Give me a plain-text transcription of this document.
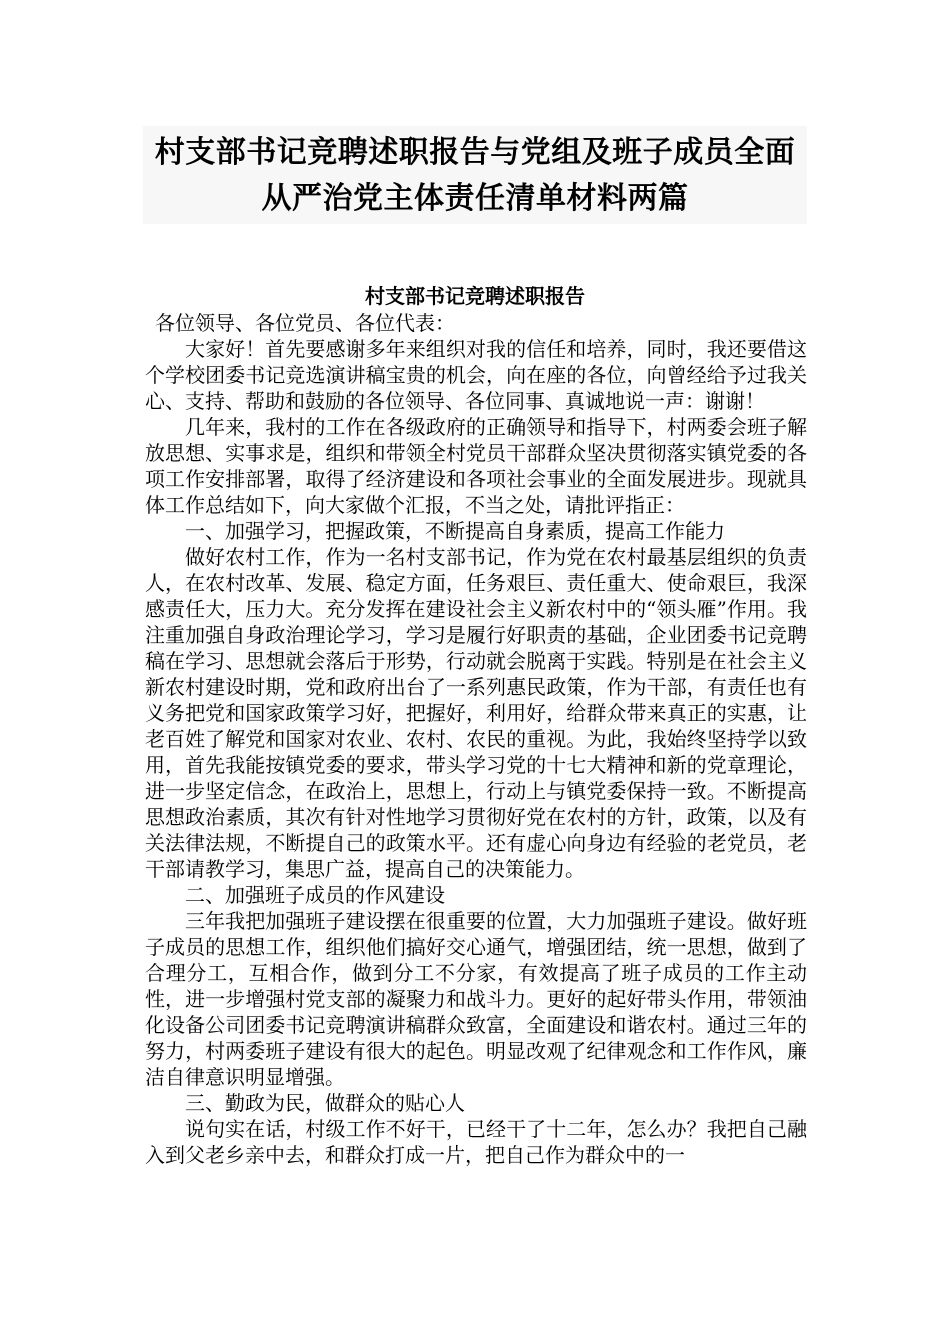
村支部书记竞聘述职报告与党组及班子成员全面从严治党主体责任清单材料两篇
村支部书记竞聘述职报告

各位领导、各位党员、各位代表：

大家好！首先要感谢多年来组织对我的信任和培养，同时，我还要借这个学校团委书记竞选演讲稿宝贵的机会，向在座的各位，向曾经给予过我关心、支持、帮助和鼓励的各位领导、各位同事、真诚地说一声：谢谢！

几年来，我村的工作在各级政府的正确领导和指导下，村两委会班子解放思想、实事求是，组织和带领全村党员干部群众坚决贯彻落实镇党委的各项工作安排部署，取得了经济建设和各项社会事业的全面发展进步。现就具体工作总结如下，向大家做个汇报，不当之处，请批评指正：

一、加强学习，把握政策，不断提高自身素质，提高工作能力

做好农村工作，作为一名村支部书记，作为党在农村最基层组织的负责人，在农村改革、发展、稳定方面，任务艰巨、责任重大、使命艰巨，我深感责任大，压力大。充分发挥在建设社会主义新农村中的“领头雁”作用。我注重加强自身政治理论学习，学习是履行好职责的基础，企业团委书记竞聘稿在学习、思想就会落后于形势，行动就会脱离于实践。特别是在社会主义新农村建设时期，党和政府出台了一系列惠民政策，作为干部，有责任也有义务把党和国家政策学习好，把握好，利用好，给群众带来真正的实惠，让老百姓了解党和国家对农业、农村、农民的重视。为此，我始终坚持学以致用，首先我能按镇党委的要求，带头学习党的十七大精神和新的党章理论，进一步坚定信念，在政治上，思想上，行动上与镇党委保持一致。不断提高思想政治素质，其次有针对性地学习贯彻好党在农村的方针，政策，以及有关法律法规，不断提自己的政策水平。还有虚心向身边有经验的老党员，老干部请教学习，集思广益，提高自己的决策能力。

二、加强班子成员的作风建设

三年我把加强班子建设摆在很重要的位置，大力加强班子建设。做好班子成员的思想工作，组织他们搞好交心通气，增强团结，统一思想，做到了合理分工，互相合作，做到分工不分家，有效提高了班子成员的工作主动性，进一步增强村党支部的凝聚力和战斗力。更好的起好带头作用，带领油化设备公司团委书记竞聘演讲稿群众致富，全面建设和谐农村。通过三年的努力，村两委班子建设有很大的起色。明显改观了纪律观念和工作作风，廉洁自律意识明显增强。

三、勤政为民，做群众的贴心人

说句实在话，村级工作不好干，已经干了十二年，怎么办？我把自己融入到父老乡亲中去，和群众打成一片，把自己作为群众中的一
